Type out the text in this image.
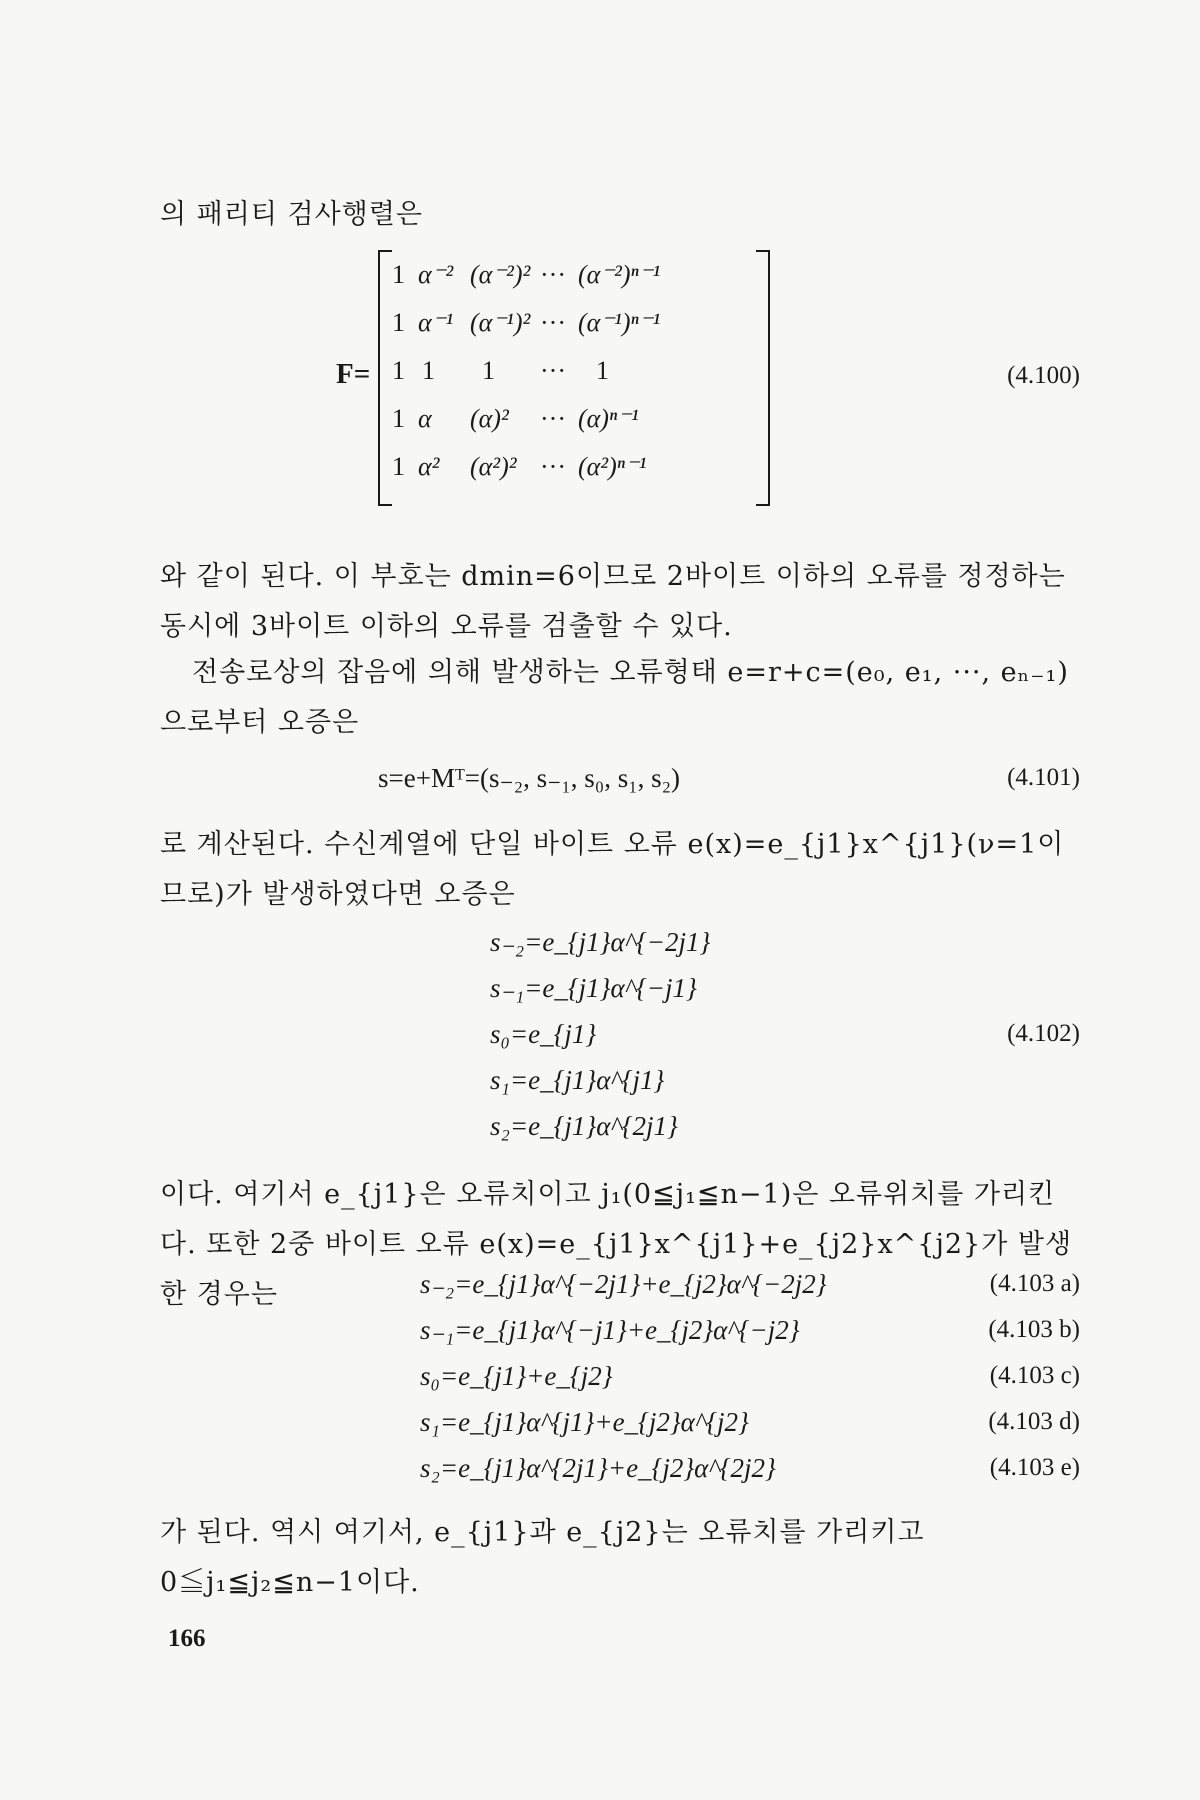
의 패리티 검사행렬은
F=
1 α⁻² (α⁻²)² ··· (α⁻²)ⁿ⁻¹
1 α⁻¹ (α⁻¹)² ··· (α⁻¹)ⁿ⁻¹
1 1 1 ··· 1
1 α (α)² ··· (α)ⁿ⁻¹
1 α² (α²)² ··· (α²)ⁿ⁻¹
(4.100)
와 같이 된다. 이 부호는 dmin=6이므로 2바이트 이하의 오류를 정정하는 동시에 3바이트 이하의 오류를 검출할 수 있다.
전송로상의 잡음에 의해 발생하는 오류형태 e=r+c=(e₀, e₁, ···, eₙ₋₁)으로부터 오증은
s=e+Mᵀ=(s₋₂, s₋₁, s₀, s₁, s₂)	(4.101)
로 계산된다. 수신계열에 단일 바이트 오류 e(x)=e_{j1}x^{j1}(ν=1이므로)가 발생하였다면 오증은
s₋₂=e_{j1}α^{−2j1}
s₋₁=e_{j1}α^{−j1}
s₀=e_{j1}
s₁=e_{j1}α^{j1}
s₂=e_{j1}α^{2j1}
(4.102)
이다. 여기서 e_{j1}은 오류치이고 j₁(0≦j₁≦n−1)은 오류위치를 가리킨다. 또한 2중 바이트 오류 e(x)=e_{j1}x^{j1}+e_{j2}x^{j2}가 발생한 경우는	s₋₂=e_{j1}α^{−2j1}+e_{j2}α^{−2j2}	(4.103 a)
s₋₁=e_{j1}α^{−j1}+e_{j2}α^{−j2}	(4.103 b)
s₀=e_{j1}+e_{j2}	(4.103 c)
s₁=e_{j1}α^{j1}+e_{j2}α^{j2}	(4.103 d)
s₂=e_{j1}α^{2j1}+e_{j2}α^{2j2}	(4.103 e)
가 된다. 역시 여기서, e_{j1}과 e_{j2}는 오류치를 가리키고 0≦j₁≦j₂≦n−1이다.
166
